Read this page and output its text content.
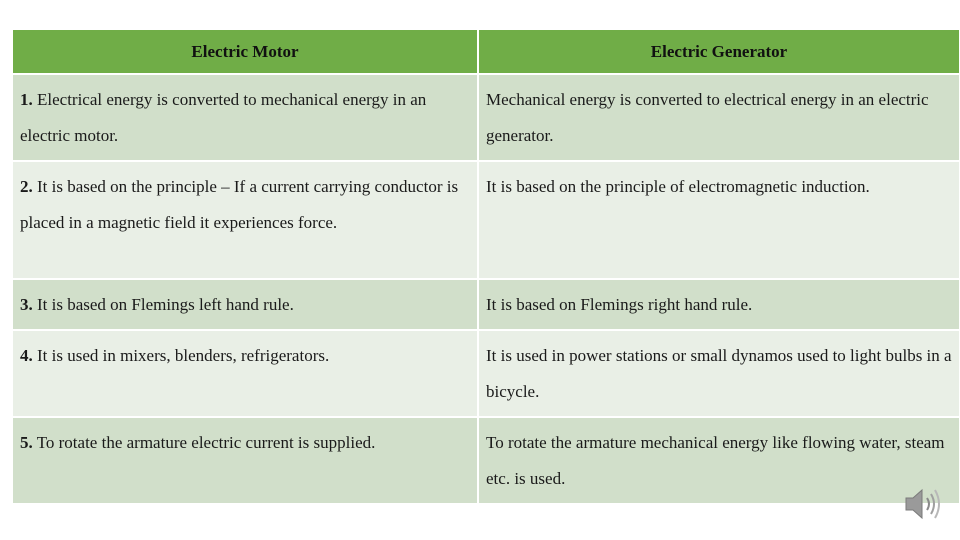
Electric Motor	Electric Generator
1. Electrical energy is converted to mechanical energy in an electric motor.	Mechanical energy is converted to electrical energy in an electric generator.
2. It is based on the principle – If a current carrying conductor is placed in a magnetic field it experiences force.	It is based on the principle of electromagnetic induction.
3. It is based on Flemings left hand rule.	It is based on Flemings right hand rule.
4. It is used in mixers, blenders, refrigerators.	It is used in power stations or small dynamos used to light bulbs in a bicycle.
5. To rotate the armature electric current is supplied.	To rotate the armature mechanical energy like flowing water, steam etc. is used.
